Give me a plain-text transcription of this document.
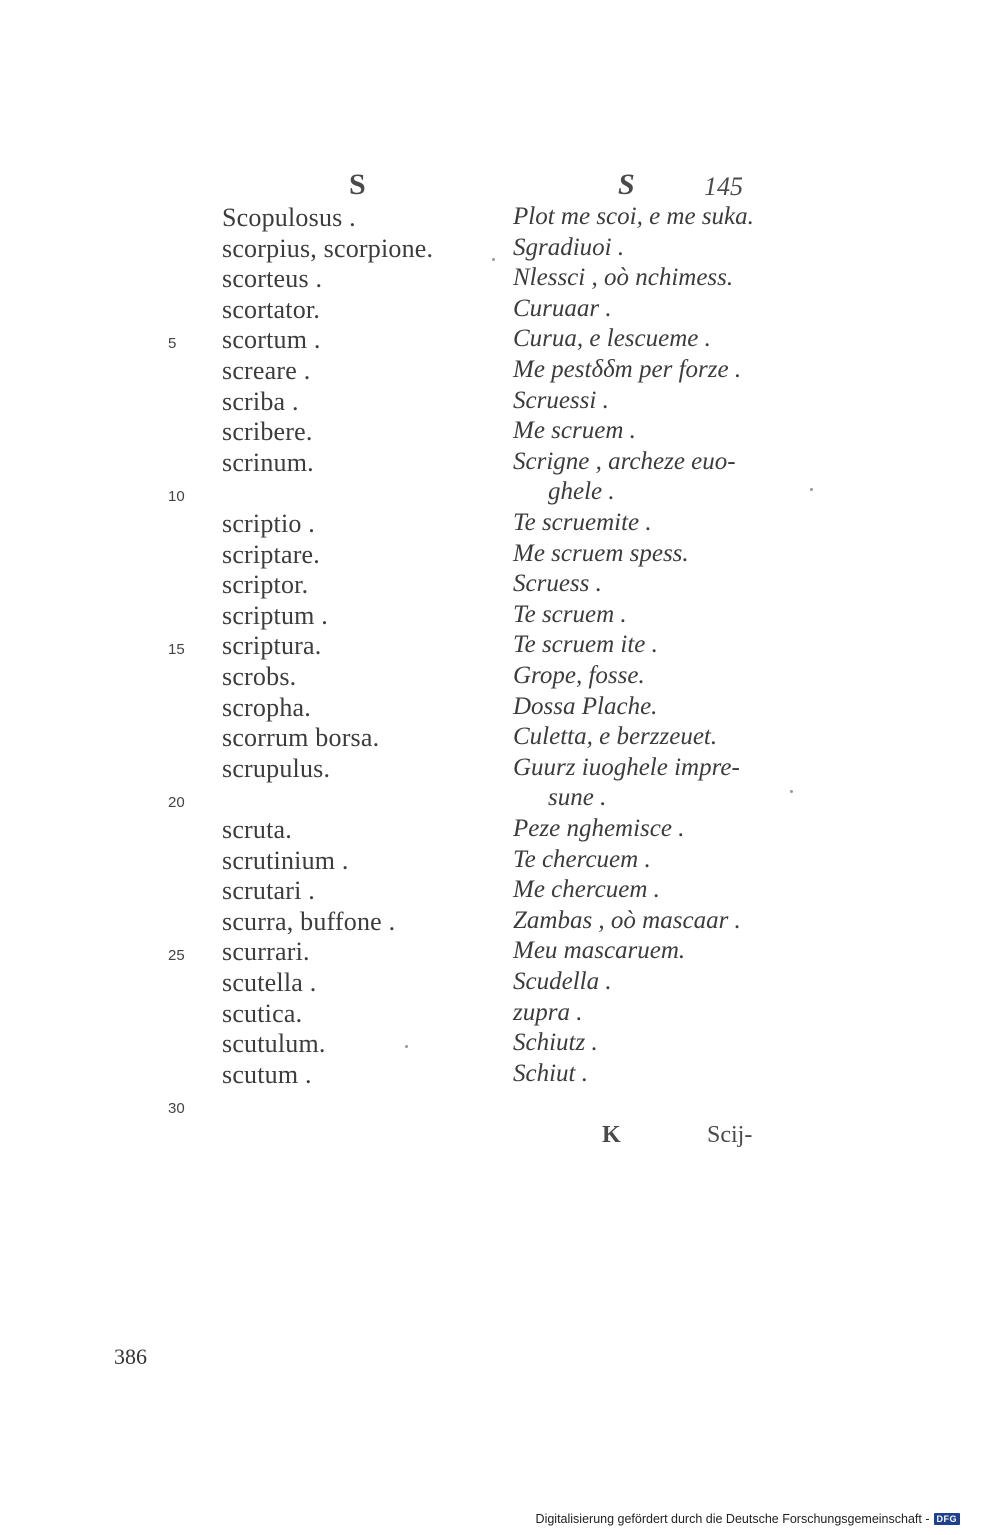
S	S	145
Scopulosus .	Plot me scoi, e me suka.
scorpius, scorpione.	Sgradiuoi .
scorteus .	Nlessci , oò nchimess.
scortator.	Curuaar .
5	scortum .	Curua, e lescueme .
screare .	Me pestδδm per forze .
scriba .	Scruessi .
scribere.	Me scruem .
scrinum.	Scrigne , archeze euo-
10	ghele .
scriptio .	Te scruemite .
scriptare.	Me scruem spess.
scriptor.	Scruess .
scriptum .	Te scruem .
15	scriptura.	Te scruem ite .
scrobs.	Grope, fosse.
scropha.	Dossa Plache.
scorrum borsa.	Culetta, e berzzeuet.
scrupulus.	Guurz iuoghele impre-
20	sune .
scruta.	Peze nghemisce .
scrutinium .	Te chercuem .
scrutari .	Me chercuem .
scurra, buffone .	Zambas , oò mascaar .
25	scurrari.	Meu mascaruem.
scutella .	Scudella .
scutica.	zupra .
scutulum.	Schiutz .
scutum .	Schiut .
30
K	Scij-
386
Digitalisierung gefördert durch die Deutsche Forschungsgemeinschaft - DFG
